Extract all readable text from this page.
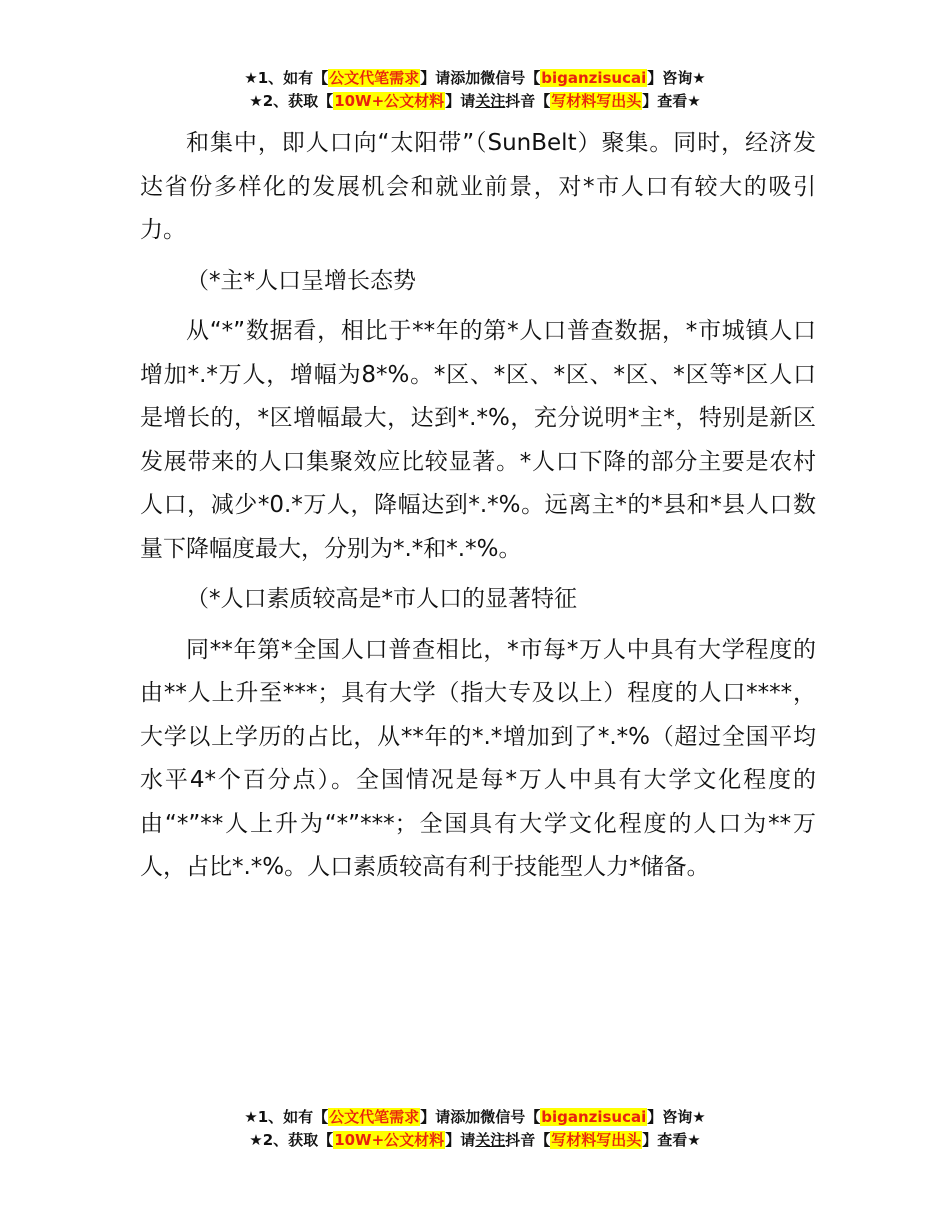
★1、如有【公文代笔需求】请添加微信号【biganzisucai】咨询★
★2、获取【10W+公文材料】请关注抖音【写材料写出头】查看★

和集中，即人口向“太阳带”（SunBelt）聚集。同时，经济发达省份多样化的发展机会和就业前景，对*市人口有较大的吸引力。

（*主*人口呈增长态势

从“*”数据看，相比于**年的第*人口普查数据，*市城镇人口增加*.*万人，增幅为8*%。*区、*区、*区、*区、*区等*区人口是增长的，*区增幅最大，达到*.*%，充分说明*主*，特别是新区发展带来的人口集聚效应比较显著。*人口下降的部分主要是农村人口，减少*0.*万人，降幅达到*.*%。远离主*的*县和*县人口数量下降幅度最大，分别为*.*和*.*%。

（*人口素质较高是*市人口的显著特征

同**年第*全国人口普查相比，*市每*万人中具有大学程度的由**人上升至***；具有大学（指大专及以上）程度的人口****，大学以上学历的占比，从**年的*.*增加到了*.*%（超过全国平均水平4*个百分点）。全国情况是每*万人中具有大学文化程度的由“*”**人上升为“*”***；全国具有大学文化程度的人口为**万人，占比*.*%。人口素质较高有利于技能型人力*储备。

★1、如有【公文代笔需求】请添加微信号【biganzisucai】咨询★
★2、获取【10W+公文材料】请关注抖音【写材料写出头】查看★
